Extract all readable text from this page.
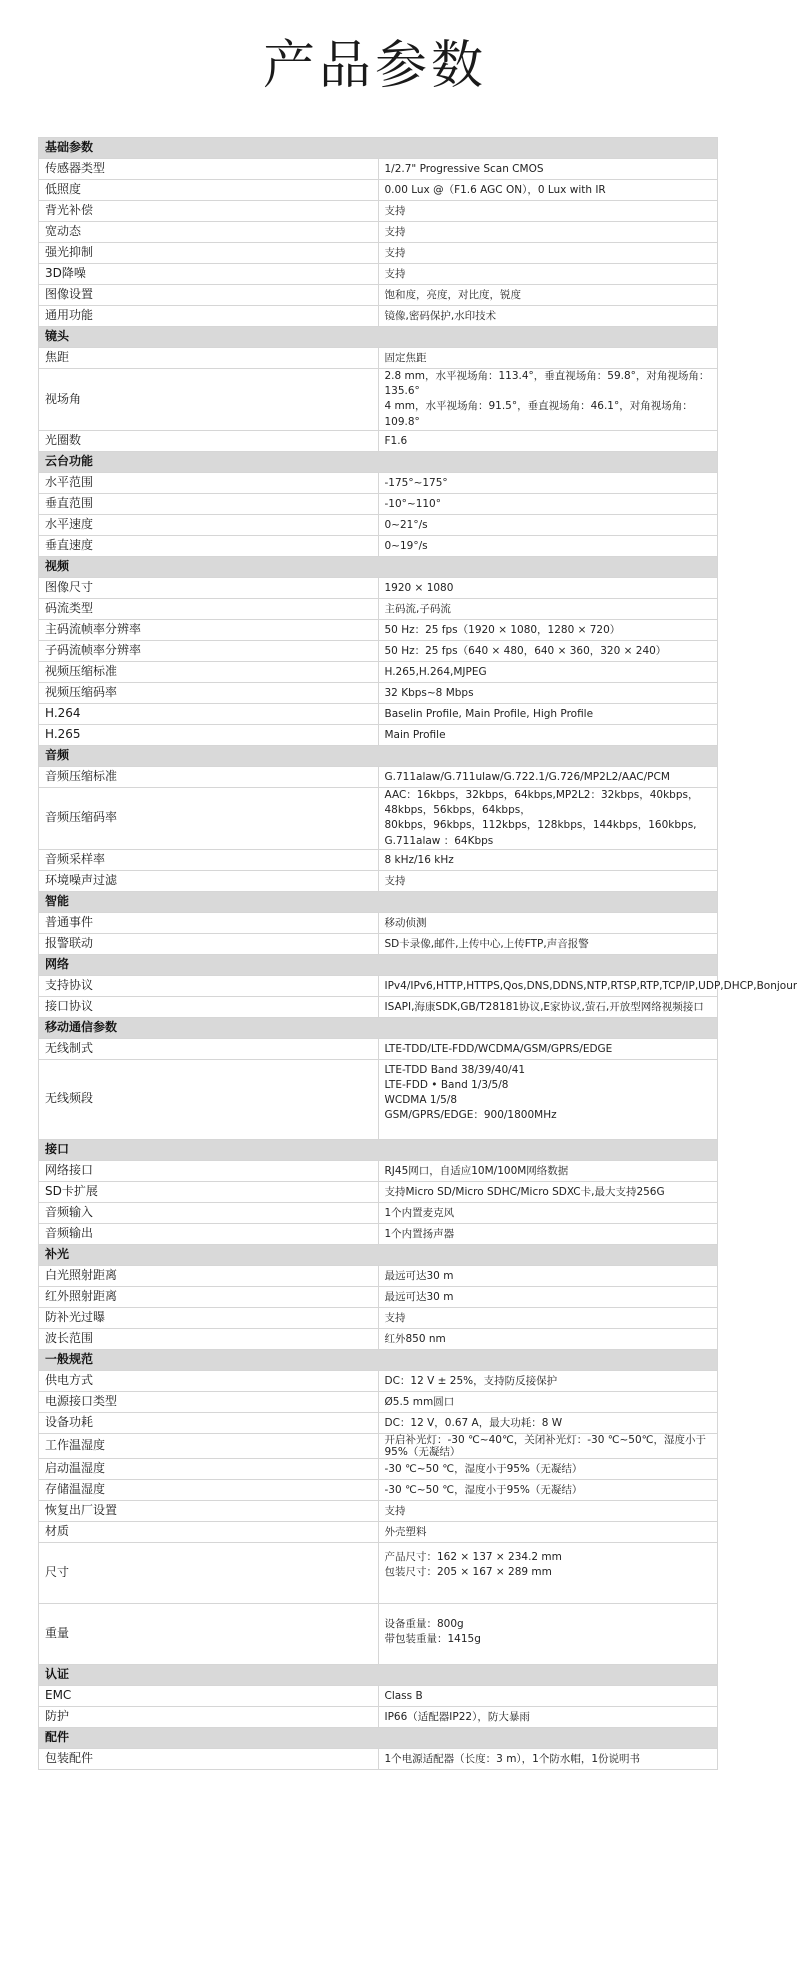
产品参数
基础参数	
传感器类型	1/2.7" Progressive Scan CMOS

低照度	0.00 Lux @（F1.6 AGC ON），0 Lux with IR

背光补偿	支持

宽动态	支持

强光抑制	支持

3D降噪	支持

图像设置	饱和度，亮度，对比度，锐度

通用功能	镜像,密码保护,水印技术

镜头	
焦距	固定焦距

视场角	2.8 mm，水平视场角：113.4°，垂直视场角：59.8°，对角视场角：135.6°
4 mm，水平视场角：91.5°，垂直视场角：46.1°，对角视场角：109.8°

光圈数	F1.6

云台功能	
水平范围	-175°~175°

垂直范围	-10°~110°

水平速度	0~21°/s

垂直速度	0~19°/s

视频	
图像尺寸	1920 × 1080

码流类型	主码流,子码流

主码流帧率分辨率	50 Hz：25 fps（1920 × 1080，1280 × 720）

子码流帧率分辨率	50 Hz：25 fps（640 × 480，640 × 360，320 × 240）

视频压缩标准	H.265,H.264,MJPEG

视频压缩码率	32 Kbps~8 Mbps

H.264	Baselin Profile, Main Profile, High Profile

H.265	Main Profile

音频	
音频压缩标准	G.711alaw/G.711ulaw/G.722.1/G.726/MP2L2/AAC/PCM

音频压缩码率	AAC：16kbps，32kbps，64kbps,MP2L2：32kbps，40kbps，48kbps，56kbps，64kbps，
80kbps，96kbps，112kbps，128kbps，144kbps，160kbps, G.711alaw ：64Kbps

音频采样率	8 kHz/16 kHz

环境噪声过滤	支持

智能	
普通事件	移动侦测

报警联动	SD卡录像,邮件,上传中心,上传FTP,声音报警

网络	
支持协议	IPv4/IPv6,HTTP,HTTPS,Qos,DNS,DDNS,NTP,RTSP,RTP,TCP/IP,UDP,DHCP,Bonjour

接口协议	ISAPI,海康SDK,GB/T28181协议,E家协议,萤石,开放型网络视频接口

移动通信参数	
无线制式	LTE-TDD/LTE-FDD/WCDMA/GSM/GPRS/EDGE

无线频段	LTE-TDD Band 38/39/40/41
LTE-FDD • Band 1/3/5/8
WCDMA 1/5/8
GSM/GPRS/EDGE：900/1800MHz

接口	
网络接口	RJ45网口，自适应10M/100M网络数据

SD卡扩展	支持Micro SD/Micro SDHC/Micro SDXC卡,最大支持256G

音频输入	1个内置麦克风

音频输出	1个内置扬声器

补光	
白光照射距离	最远可达30 m

红外照射距离	最远可达30 m

防补光过曝	支持

波长范围	红外850 nm

一般规范	
供电方式	DC：12 V ± 25%，支持防反接保护

电源接口类型	Ø5.5 mm圆口

设备功耗	DC：12 V，0.67 A，最大功耗：8 W

工作温湿度	开启补光灯：-30 ℃~40℃，关闭补光灯：-30 ℃~50℃，湿度小于95%（无凝结）

启动温湿度	-30 ℃~50 ℃，湿度小于95%（无凝结）

存储温湿度	-30 ℃~50 ℃，湿度小于95%（无凝结）

恢复出厂设置	支持

材质	外壳塑料

尺寸	产品尺寸：162 × 137 × 234.2 mm
包装尺寸：205 × 167 × 289 mm

重量	设备重量：800g
带包装重量：1415g

认证	
EMC	Class B

防护	IP66（适配器IP22），防大暴雨

配件	
包装配件	1个电源适配器（长度：3 m），1个防水帽，1份说明书
